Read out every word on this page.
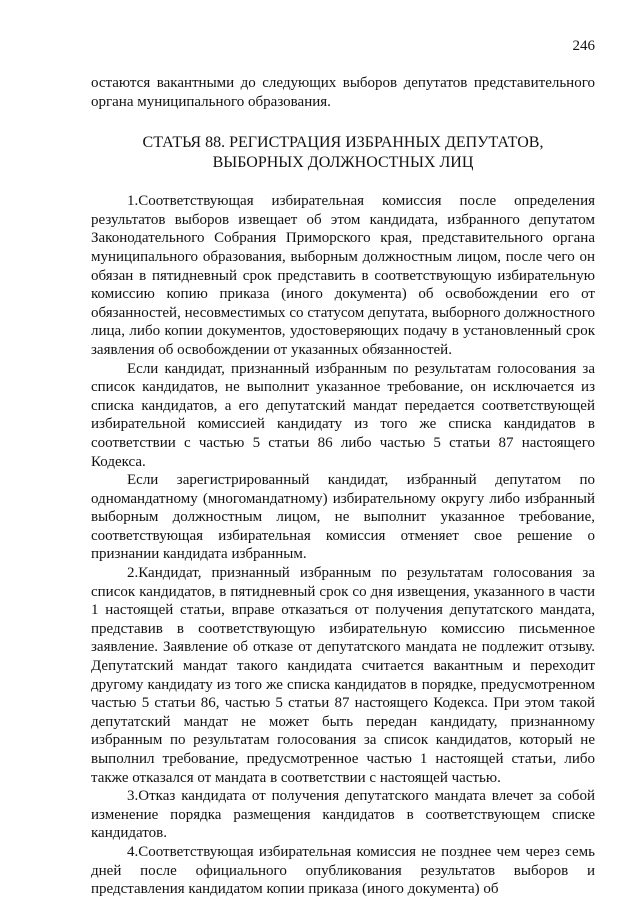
246

остаются вакантными до следующих выборов депутатов представительного органа муниципального образования.

СТАТЬЯ 88. РЕГИСТРАЦИЯ ИЗБРАННЫХ ДЕПУТАТОВ,
ВЫБОРНЫХ ДОЛЖНОСТНЫХ ЛИЦ

1.Соответствующая избирательная комиссия после определения результатов выборов извещает об этом кандидата, избранного депутатом Законодательного Собрания Приморского края, представительного органа муниципального образования, выборным должностным лицом, после чего он обязан в пятидневный срок представить в соответствующую избирательную комиссию копию приказа (иного документа) об освобождении его от обязанностей, несовместимых со статусом депутата, выборного должностного лица, либо копии документов, удостоверяющих подачу в установленный срок заявления об освобождении от указанных обязанностей.

Если кандидат, признанный избранным по результатам голосования за список кандидатов, не выполнит указанное требование, он исключается из списка кандидатов, а его депутатский мандат передается соответствующей избирательной комиссией кандидату из того же списка кандидатов в соответствии с частью 5 статьи 86 либо частью 5 статьи 87 настоящего Кодекса.

Если зарегистрированный кандидат, избранный депутатом по одномандатному (многомандатному) избирательному округу либо избранный выборным должностным лицом, не выполнит указанное требование, соответствующая избирательная комиссия отменяет свое решение о признании кандидата избранным.

2.Кандидат, признанный избранным по результатам голосования за список кандидатов, в пятидневный срок со дня извещения, указанного в части 1 настоящей статьи, вправе отказаться от получения депутатского мандата, представив в соответствующую избирательную комиссию письменное заявление. Заявление об отказе от депутатского мандата не подлежит отзыву. Депутатский мандат такого кандидата считается вакантным и переходит другому кандидату из того же списка кандидатов в порядке, предусмотренном частью 5 статьи 86, частью 5 статьи 87 настоящего Кодекса. При этом такой депутатский мандат не может быть передан кандидату, признанному избранным по результатам голосования за список кандидатов, который не выполнил требование, предусмотренное частью 1 настоящей статьи, либо также отказался от мандата в соответствии с настоящей частью.

3.Отказ кандидата от получения депутатского мандата влечет за собой изменение порядка размещения кандидатов в соответствующем списке кандидатов.

4.Соответствующая избирательная комиссия не позднее чем через семь дней после официального опубликования результатов выборов и представления кандидатом копии приказа (иного документа) об
